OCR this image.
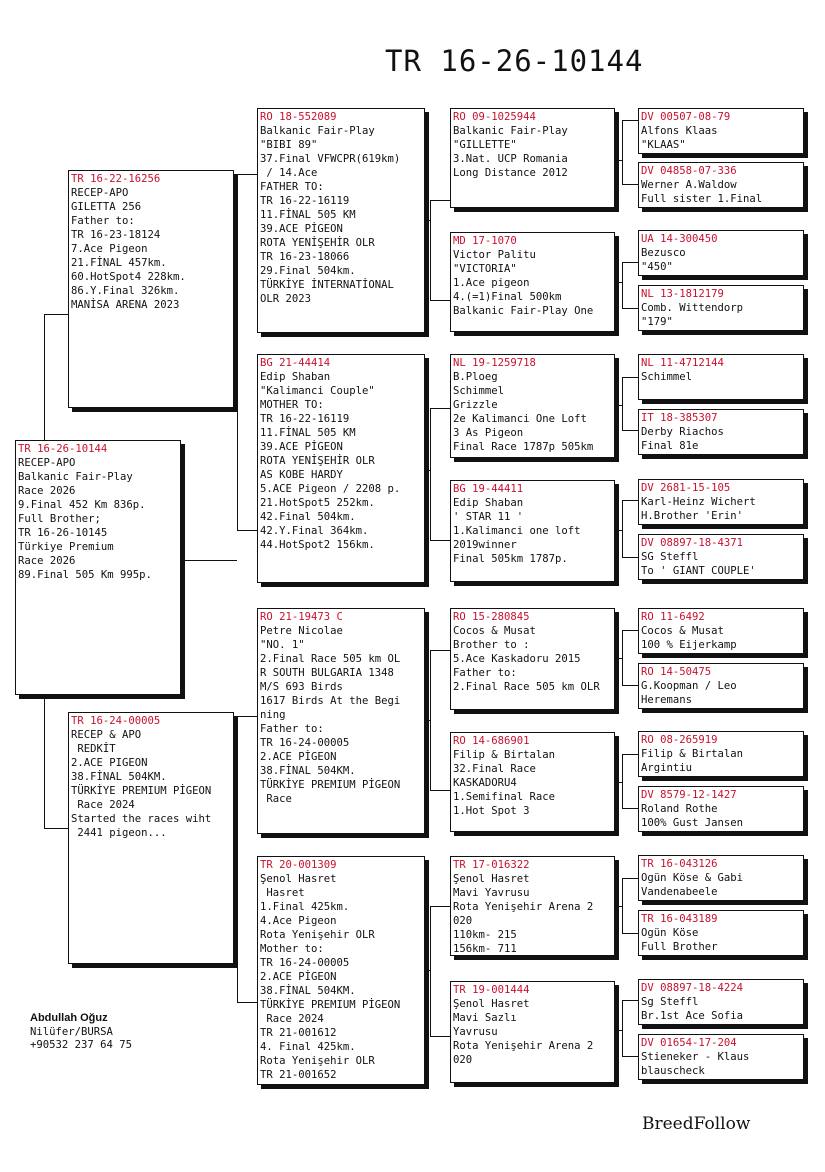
TR 16-26-10144
TR 16-26-10144
RECEP-APO
Balkanic Fair-Play
Race 2026
9.Final 452 Km 836p.
Full Brother;
TR 16-26-10145
Türkiye Premium
Race 2026
89.Final 505 Km 995p.
TR 16-22-16256
RECEP-APO
GILETTA 256
Father to:
TR 16-23-18124
7.Ace Pigeon
21.FİNAL 457km.
60.HotSpot4 228km.
86.Y.Final 326km.
MANİSA ARENA 2023
TR 16-24-00005
RECEP & APO
REDKİT
2.ACE PIGEON
38.FİNAL 504KM.
TÜRKİYE PREMIUM PİGEON
Race 2024
Started the races wiht
2441 pigeon...
RO 18-552089
Balkanic Fair-Play
"BIBI 89"
37.Final VFWCPR(619km)
/ 14.Ace
FATHER TO:
TR 16-22-16119
11.FİNAL 505 KM
39.ACE PİGEON
ROTA YENİŞEHİR OLR
TR 16-23-18066
29.Final 504km.
TÜRKİYE İNTERNATİONAL
OLR 2023
BG 21-44414
Edip Shaban
"Kalimanci Couple"
MOTHER TO:
TR 16-22-16119
11.FİNAL 505 KM
39.ACE PİGEON
ROTA YENİŞEHİR OLR
AS KOBE HARDY
5.ACE Pigeon / 2208 p.
21.HotSpot5 252km.
42.Final 504km.
42.Y.Final 364km.
44.HotSpot2 156km.
RO 21-19473 C
Petre Nicolae
"NO. 1"
2.Final Race 505 km OL
R SOUTH BULGARIA 1348
M/S 693 Birds
1617 Birds At the Begi
ning
Father to:
TR 16-24-00005
2.ACE PİGEON
38.FİNAL 504KM.
TÜRKİYE PREMIUM PİGEON
Race
TR 20-001309
Şenol Hasret
Hasret
1.Final 425km.
4.Ace Pigeon
Rota Yenişehir OLR
Mother to:
TR 16-24-00005
2.ACE PİGEON
38.FİNAL 504KM.
TÜRKİYE PREMIUM PİGEON
Race 2024
TR 21-001612
4. Final 425km.
Rota Yenişehir OLR
TR 21-001652
RO 09-1025944
Balkanic Fair-Play
"GILLETTE"
3.Nat. UCP Romania
Long Distance 2012
MD 17-1070
Victor Palitu
"VICTORIA"
1.Ace pigeon
4.(=1)Final 500km
Balkanic Fair-Play One
NL 19-1259718
B.Ploeg
Schimmel
Grizzle
2e Kalimanci One Loft
3 As Pigeon
Final Race 1787p 505km
BG 19-44411
Edip Shaban
' STAR 11 '
1.Kalimanci one loft
2019winner
Final 505km 1787p.
RO 15-280845
Cocos & Musat
Brother to :
5.Ace Kaskadoru 2015
Father to:
2.Final Race 505 km OLR
RO 14-686901
Filip & Birtalan
32.Final Race
KASKADORU4
1.Semifinal Race
1.Hot Spot 3
TR 17-016322
Şenol Hasret
Mavi Yavrusu
Rota Yenişehir Arena 2
020
110km- 215
156km- 711
TR 19-001444
Şenol Hasret
Mavi Sazlı
Yavrusu
Rota Yenişehir Arena 2
020
DV 00507-08-79
Alfons Klaas
"KLAAS"
DV 04858-07-336
Werner A.Waldow
Full sister 1.Final
UA 14-300450
Bezusco
"450"
NL 13-1812179
Comb. Wittendorp
"179"
NL 11-4712144
Schimmel
IT 18-385307
Derby Riachos
Final 81e
DV 2681-15-105
Karl-Heinz Wichert
H.Brother 'Erin'
DV 08897-18-4371
SG Steffl
To ' GIANT COUPLE'
RO 11-6492
Cocos & Musat
100 % Eijerkamp
RO 14-50475
G.Koopman / Leo
Heremans
RO 08-265919
Filip & Birtalan
Argintiu
DV 8579-12-1427
Roland Rothe
100% Gust Jansen
TR 16-043126
Ogün Köse & Gabi
Vandenabeele
TR 16-043189
Ogün Köse
Full Brother
DV 08897-18-4224
Sg Steffl
Br.1st Ace Sofia
DV 01654-17-204
Stieneker - Klaus
blauscheck
Abdullah Oğuz
Nilüfer/BURSA
+90532 237 64 75
BreedFollow
